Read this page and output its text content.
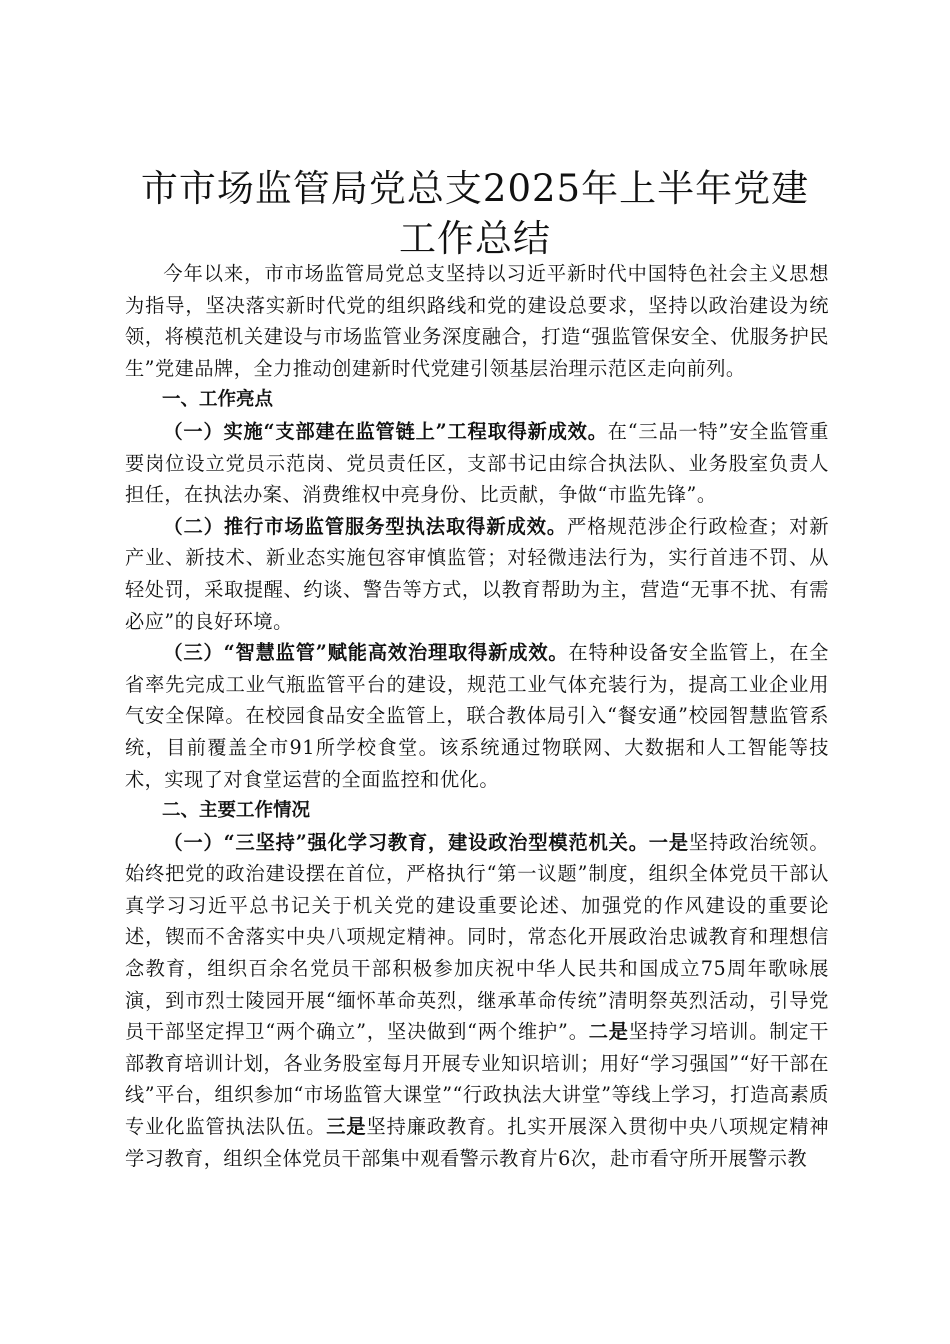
市市场监管局党总支2025年上半年党建工作总结

今年以来，市市场监管局党总支坚持以习近平新时代中国特色社会主义思想为指导，坚决落实新时代党的组织路线和党的建设总要求，坚持以政治建设为统领，将模范机关建设与市场监管业务深度融合，打造“强监管保安全、优服务护民生”党建品牌，全力推动创建新时代党建引领基层治理示范区走向前列。

一、工作亮点

（一）实施“支部建在监管链上”工程取得新成效。在“三品一特”安全监管重要岗位设立党员示范岗、党员责任区，支部书记由综合执法队、业务股室负责人担任，在执法办案、消费维权中亮身份、比贡献，争做“市监先锋”。

（二）推行市场监管服务型执法取得新成效。严格规范涉企行政检查；对新产业、新技术、新业态实施包容审慎监管；对轻微违法行为，实行首违不罚、从轻处罚，采取提醒、约谈、警告等方式，以教育帮助为主，营造“无事不扰、有需必应”的良好环境。

（三）“智慧监管”赋能高效治理取得新成效。在特种设备安全监管上，在全省率先完成工业气瓶监管平台的建设，规范工业气体充装行为，提高工业企业用气安全保障。在校园食品安全监管上，联合教体局引入“餐安通”校园智慧监管系统，目前覆盖全市91所学校食堂。该系统通过物联网、大数据和人工智能等技术，实现了对食堂运营的全面监控和优化。

二、主要工作情况

（一）“三坚持”强化学习教育，建设政治型模范机关。一是坚持政治统领。始终把党的政治建设摆在首位，严格执行“第一议题”制度，组织全体党员干部认真学习习近平总书记关于机关党的建设重要论述、加强党的作风建设的重要论述，锲而不舍落实中央八项规定精神。同时，常态化开展政治忠诚教育和理想信念教育，组织百余名党员干部积极参加庆祝中华人民共和国成立75周年歌咏展演，到市烈士陵园开展“缅怀革命英烈，继承革命传统”清明祭英烈活动，引导党员干部坚定捍卫“两个确立”，坚决做到“两个维护”。二是坚持学习培训。制定干部教育培训计划，各业务股室每月开展专业知识培训；用好“学习强国”“好干部在线”平台，组织参加“市场监管大课堂”“行政执法大讲堂”等线上学习，打造高素质专业化监管执法队伍。三是坚持廉政教育。扎实开展深入贯彻中央八项规定精神学习教育，组织全体党员干部集中观看警示教育片6次，赴市看守所开展警示教
